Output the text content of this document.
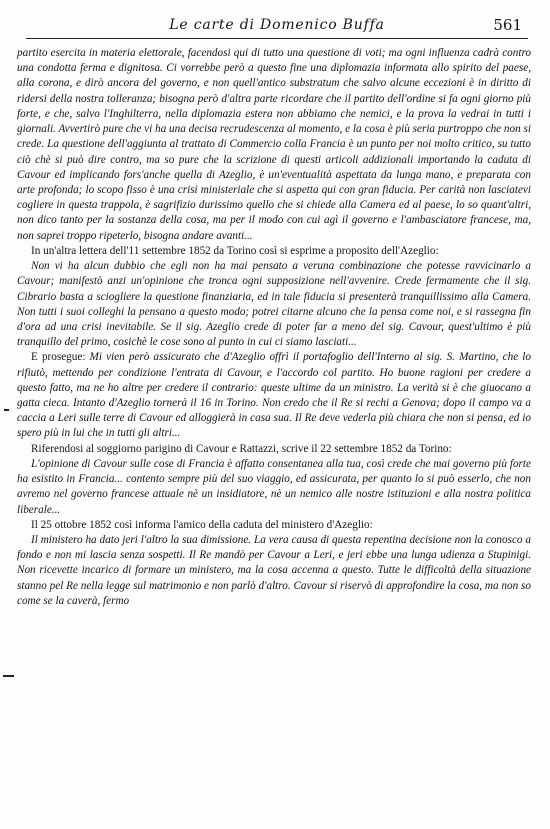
Le carte di Domenico Buffa	561

partito esercita in materia elettorale, facendosi qui di tutto una questione di voti; ma ogni influenza cadrà contro una condotta ferma e dignitosa. Ci vorrebbe però a questo fine una diplomazia informata allo spirito del paese, alla corona, e dirò ancora del governo, e non quell'antico substratum che salvo alcune eccezioni è in diritto di ridersi della nostra tolleranza; bisogna però d'altra parte ricordare che il partito dell'ordine si fa ogni giorno più forte, e che, salvo l'Inghilterra, nella diplomazia estera non abbiamo che nemici, e la prova la vedrai in tutti i giornali. Avvertirò pure che vi ha una decisa recrudescenza al momento, e la cosa è più seria purtroppo che non si crede. La questione dell'aggiunta al trattato di Commercio colla Francia è un punto per noi molto critico, su tutto ciò chè si può dire contro, ma so pure che la scrizione di questi articoli addizionali importando la caduta di Cavour ed implicando fors'anche quella di Azeglio, è un'eventualità aspettata da lunga mano, e preparata con arte profonda; lo scopo fisso è una crisi ministeriale che si aspetta qui con gran fiducia. Per carità non lasciatevi cogliere in questa trappola, è sagrifizio durissimo quello che si chiede alla Camera ed al paese, lo so quant'altri, non dico tanto per la sostanza della cosa, ma per il modo con cui agì il governo e l'ambasciatore francese, ma, non saprei troppo ripeterlo, bisogna andare avanti...

In un'altra lettera dell'11 settembre 1852 da Torino così si esprime a proposito dell'Azeglio:

Non vi ha alcun dubbio che egli non ha mai pensato a veruna combinazione che potesse ravvicinarlo a Cavour; manifestò anzi un'opinione che tronca ogni supposizione nell'avvenire. Crede fermamente che il sig. Cibrario basta a sciogliere la questione finanziaria, ed in tale fiducia si presenterà tranquillissimo alla Camera. Non tutti i suoi colleghi la pensano a questo modo; potrei citarne alcuno che la pensa come noi, e si rassegna fin d'ora ad una crisi inevitabile. Se il sig. Azeglio crede di poter far a meno del sig. Cavour, quest'ultimo è più tranquillo del primo, cosichè le cose sono al punto in cui ci siamo lasciati...

E prosegue: Mi vien però assicurato che d'Azeglio offrì il portafoglio dell'Interno al sig. S. Martino, che lo rifiutò, mettendo per condizione l'entrata di Cavour, e l'accordo col partito. Ho buone ragioni per credere a questo fatto, ma ne ho altre per credere il contrario: queste ultime da un ministro. La verità si è che giuocano a gatta cieca. Intanto d'Azeglio tornerà il 16 in Torino. Non credo che il Re si rechi a Genova; dopo il campo va a caccia a Leri sulle terre di Cavour ed alloggierà in casa sua. Il Re deve vederla più chiara che non si pensa, ed io spero più in lui che in tutti gli altri...

Riferendosi al soggiorno parigino di Cavour e Rattazzi, scrive il 22 settembre 1852 da Torino:

L'opinione di Cavour sulle cose di Francia è affatto consentanea alla tua, così crede che mai governo più forte ha esistito in Francia... contento sempre più del suo viaggio, ed assicurata, per quanto lo si può esserlo, che non avremo nel governo francese attuale nè un insidiatore, nè un nemico alle nostre istituzioni e alla nostra politica liberale...

Il 25 ottobre 1852 così informa l'amico della caduta del ministero d'Azeglio:

Il ministero ha dato jeri l'altro la sua dimissione. La vera causa di questa repentina decisione non la conosco a fondo e non mi lascia senza sospetti. Il Re mandò per Cavour a Leri, e jeri ebbe una lunga udienza a Stupinigi. Non ricevette incarico di formare un ministero, ma la cosa accenna a questo. Tutte le difficoltà della situazione stanno pel Re nella legge sul matrimonio e non parlò d'altro. Cavour si riservò di approfondire la cosa, ma non so come se la caverà, fermo
